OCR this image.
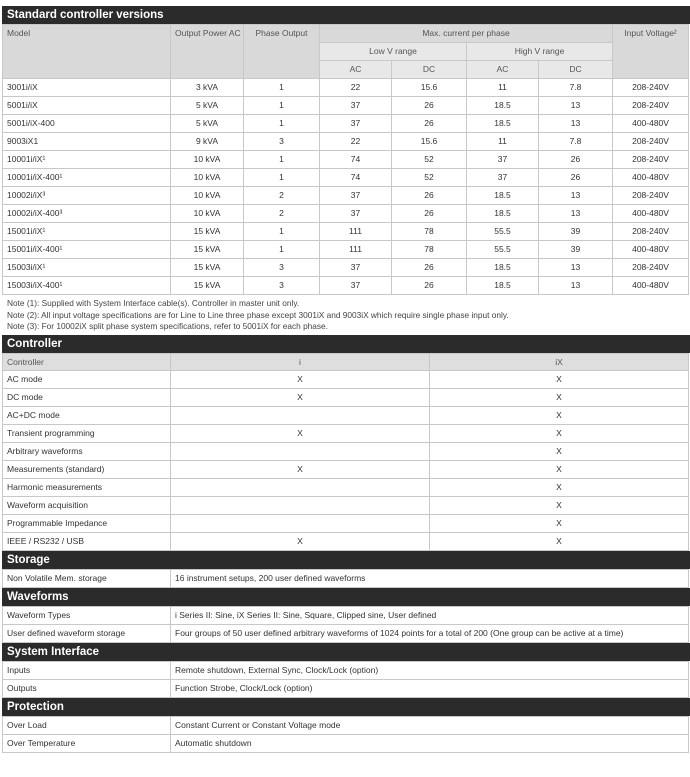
Standard controller versions
Model	Output Power AC	Phase Output	Max. current per phase				Input Voltage²
			Low V range		High V range		
			AC	DC	AC	DC	
3001i/iX	3 kVA	1	22	15.6	11	7.8	208-240V
5001i/iX	5 kVA	1	37	26	18.5	13	208-240V
5001i/iX-400	5 kVA	1	37	26	18.5	13	400-480V
9003iX1	9 kVA	3	22	15.6	11	7.8	208-240V
10001i/iX¹	10 kVA	1	74	52	37	26	208-240V
10001i/iX-400¹	10 kVA	1	74	52	37	26	400-480V
10002i/iX³	10 kVA	2	37	26	18.5	13	208-240V
10002i/iX-400³	10 kVA	2	37	26	18.5	13	400-480V
15001i/iX¹	15 kVA	1	111	78	55.5	39	208-240V
15001i/iX-400¹	15 kVA	1	111	78	55.5	39	400-480V
15003i/iX¹	15 kVA	3	37	26	18.5	13	208-240V
15003i/iX-400¹	15 kVA	3	37	26	18.5	13	400-480V
Note (1): Supplied with System Interface cable(s). Controller in master unit only.
Note (2): All input voltage specifications are for Line to Line three phase except 3001iX and 9003iX which require single phase input only.
Note (3): For 10002iX split phase system specifications, refer to 5001iX for each phase.
Controller
Controller	i	iX
AC mode	X	X
DC mode	X	X
AC+DC mode		X
Transient programming	X	X
Arbitrary waveforms		X
Measurements (standard)	X	X
Harmonic measurements		X
Waveform acquisition		X
Programmable Impedance		X
IEEE / RS232 / USB	X	X
Storage
Non Volatile Mem. storage	16 instrument setups, 200 user defined waveforms
Waveforms
Waveform Types	i Series II: Sine, iX Series II: Sine, Square, Clipped sine, User defined
User defined waveform storage	Four groups of 50 user defined arbitrary waveforms of 1024 points for a total of 200 (One group can be active at a time)
System Interface
Inputs	Remote shutdown, External Sync, Clock/Lock (option)
Outputs	Function Strobe, Clock/Lock (option)
Protection
Over Load	Constant Current or Constant Voltage mode
Over Temperature	Automatic shutdown
